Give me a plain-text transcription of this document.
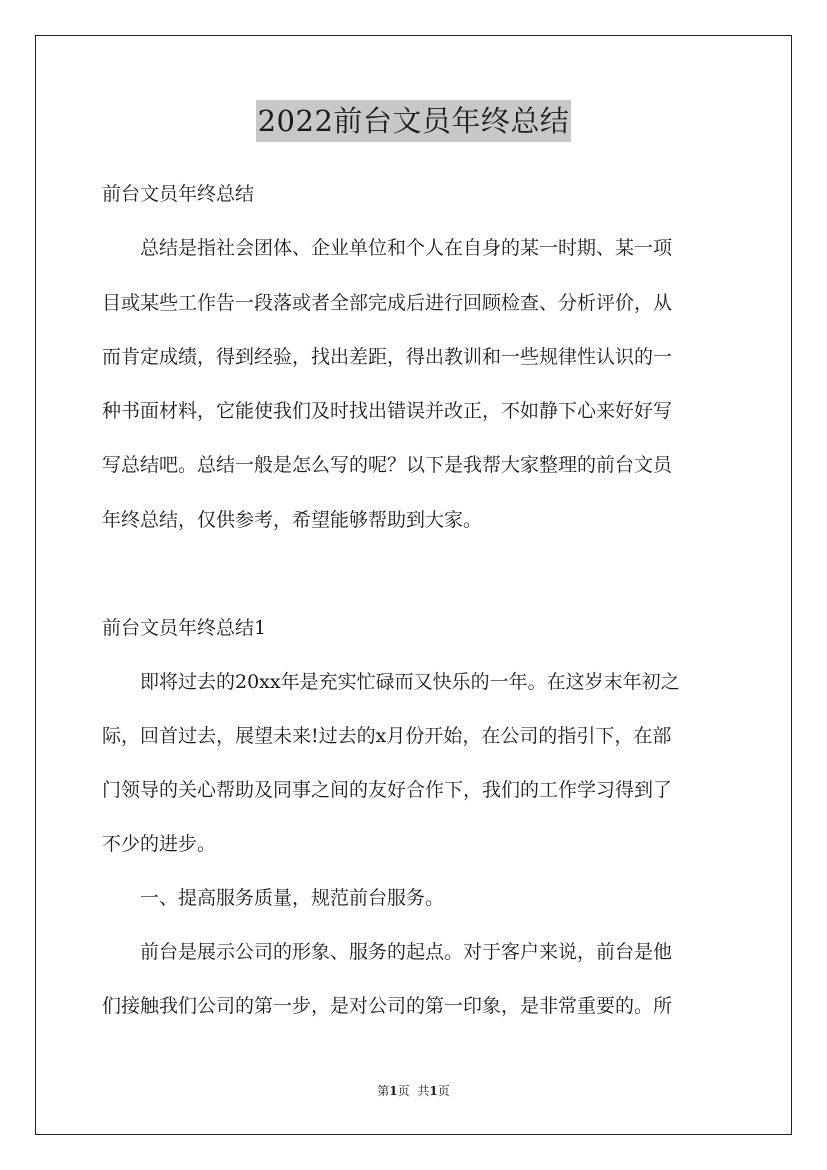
2022前台文员年终总结
前台文员年终总结
　　总结是指社会团体、企业单位和个人在自身的某一时期、某一项
目或某些工作告一段落或者全部完成后进行回顾检查、分析评价，从
而肯定成绩，得到经验，找出差距，得出教训和一些规律性认识的一
种书面材料，它能使我们及时找出错误并改正，不如静下心来好好写
写总结吧。总结一般是怎么写的呢？以下是我帮大家整理的前台文员
年终总结，仅供参考，希望能够帮助到大家。
前台文员年终总结1
　　即将过去的20xx年是充实忙碌而又快乐的一年。在这岁末年初之
际，回首过去，展望未来!过去的x月份开始，在公司的指引下，在部
门领导的关心帮助及同事之间的友好合作下，我们的工作学习得到了
不少的进步。
　　一、提高服务质量，规范前台服务。
　　前台是展示公司的形象、服务的起点。对于客户来说，前台是他
们接触我们公司的第一步，是对公司的第一印象，是非常重要的。所
第1页 共1页
